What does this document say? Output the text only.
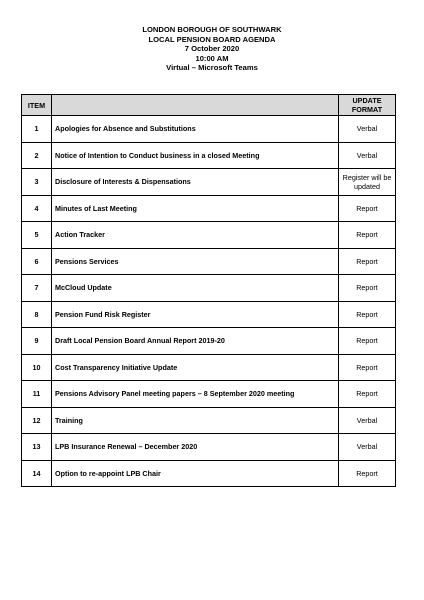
LONDON BOROUGH OF SOUTHWARK
LOCAL PENSION BOARD AGENDA
7 October 2020
10:00 AM
Virtual – Microsoft Teams
ITEM		UPDATE FORMAT
1	Apologies for Absence and Substitutions	Verbal
2	Notice of Intention to Conduct business in a closed Meeting	Verbal
3	Disclosure of Interests & Dispensations	Register will be updated
4	Minutes of Last Meeting	Report
5	Action Tracker	Report
6	Pensions Services	Report
7	McCloud Update	Report
8	Pension Fund Risk Register	Report
9	Draft Local Pension Board Annual Report 2019-20	Report
10	Cost Transparency Initiative Update	Report
11	Pensions Advisory Panel meeting papers – 8 September 2020 meeting	Report
12	Training	Verbal
13	LPB Insurance Renewal – December 2020	Verbal
14	Option to re-appoint LPB Chair	Report
